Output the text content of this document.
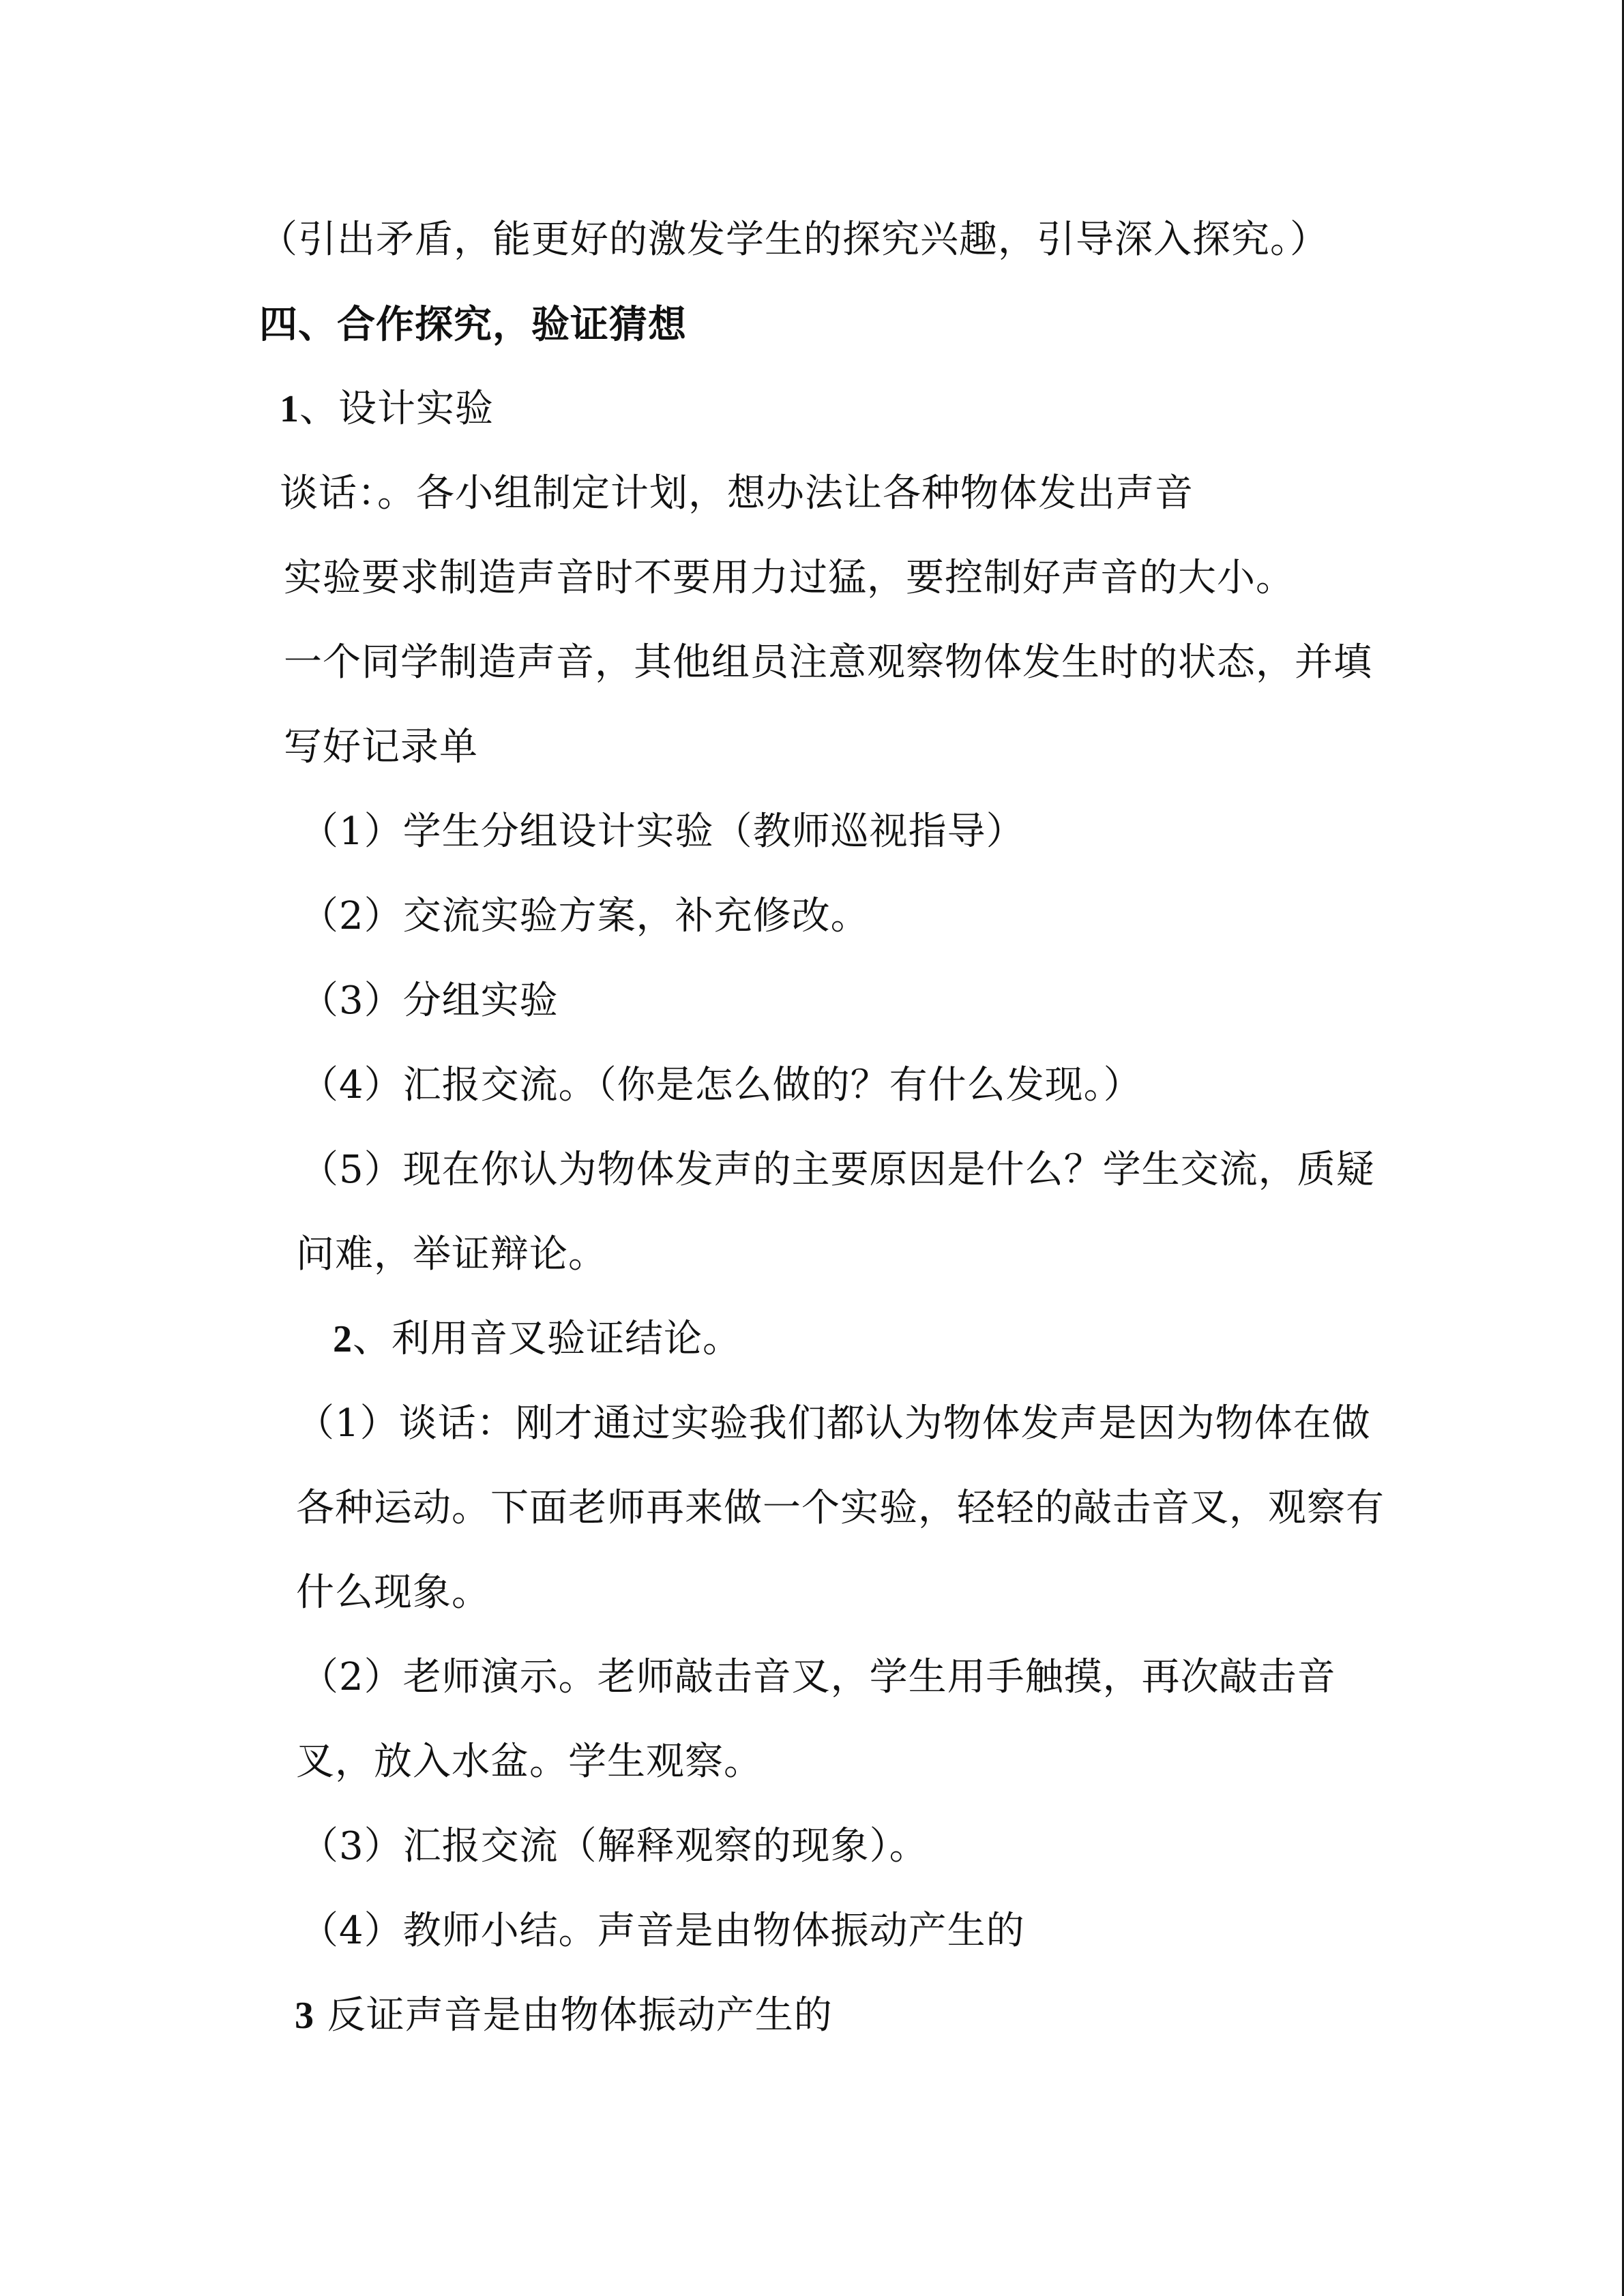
（引出矛盾，能更好的激发学生的探究兴趣，引导深入探究。）
四、合作探究，验证猜想
1、设计实验
谈话：。各小组制定计划，想办法让各种物体发出声音
实验要求制造声音时不要用力过猛，要控制好声音的大小。
一个同学制造声音，其他组员注意观察物体发生时的状态，并填
写好记录单
（1）学生分组设计实验（教师巡视指导）
（2）交流实验方案，补充修改。
（3）分组实验
（4）汇报交流。（你是怎么做的？有什么发现。）
（5）现在你认为物体发声的主要原因是什么？学生交流，质疑
问难，举证辩论。
2、利用音叉验证结论。
（1）谈话：刚才通过实验我们都认为物体发声是因为物体在做
各种运动。下面老师再来做一个实验，轻轻的敲击音叉，观察有
什么现象。
（2）老师演示。老师敲击音叉，学生用手触摸，再次敲击音
叉，放入水盆。学生观察。
（3）汇报交流（解释观察的现象）。
（4）教师小结。声音是由物体振动产生的
3 反证声音是由物体振动产生的
